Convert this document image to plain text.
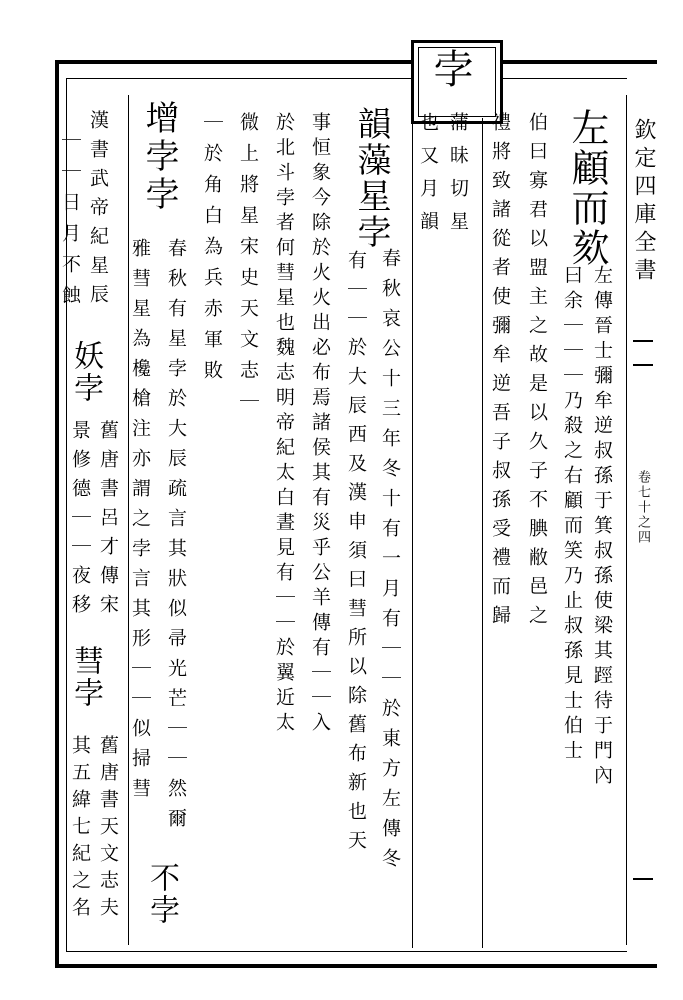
欽定四庫全書
卷七十之四
孛
左顧而欬
左傳晉士彌牟逆叔孫于箕叔孫使梁其踁待于門內
曰余｜｜｜乃殺之右顧而笑乃止叔孫見士伯士
伯曰寡君以盟主之故是以久子不腆敝邑之
禮將致諸從者使彌牟逆吾子叔孫受禮而歸
蒲昧切星
也又月韻
韻藻星孛
春秋哀公十三年冬十有一月有｜｜於東方左傳冬
有｜｜於大辰西及漢申須曰彗所以除舊布新也天
事恒象今除於火火出必布焉諸侯其有災乎公羊傳有｜｜入
於北斗孛者何彗星也魏志明帝紀太白晝見有｜｜於翼近太
微上將星宋史天文志｜
｜於角白為兵赤軍敗
增孛孛
春秋有星孛於大辰疏言其狀似帚光芒｜｜然爾
雅彗星為欃槍注亦謂之孛言其形｜｜似掃彗
不孛
漢書武帝紀星辰
妖孛
舊唐書呂才傳宋
彗孛
舊唐書天文志夫
｜｜日月不蝕
景修德｜｜夜移
其五緯七紀之名
